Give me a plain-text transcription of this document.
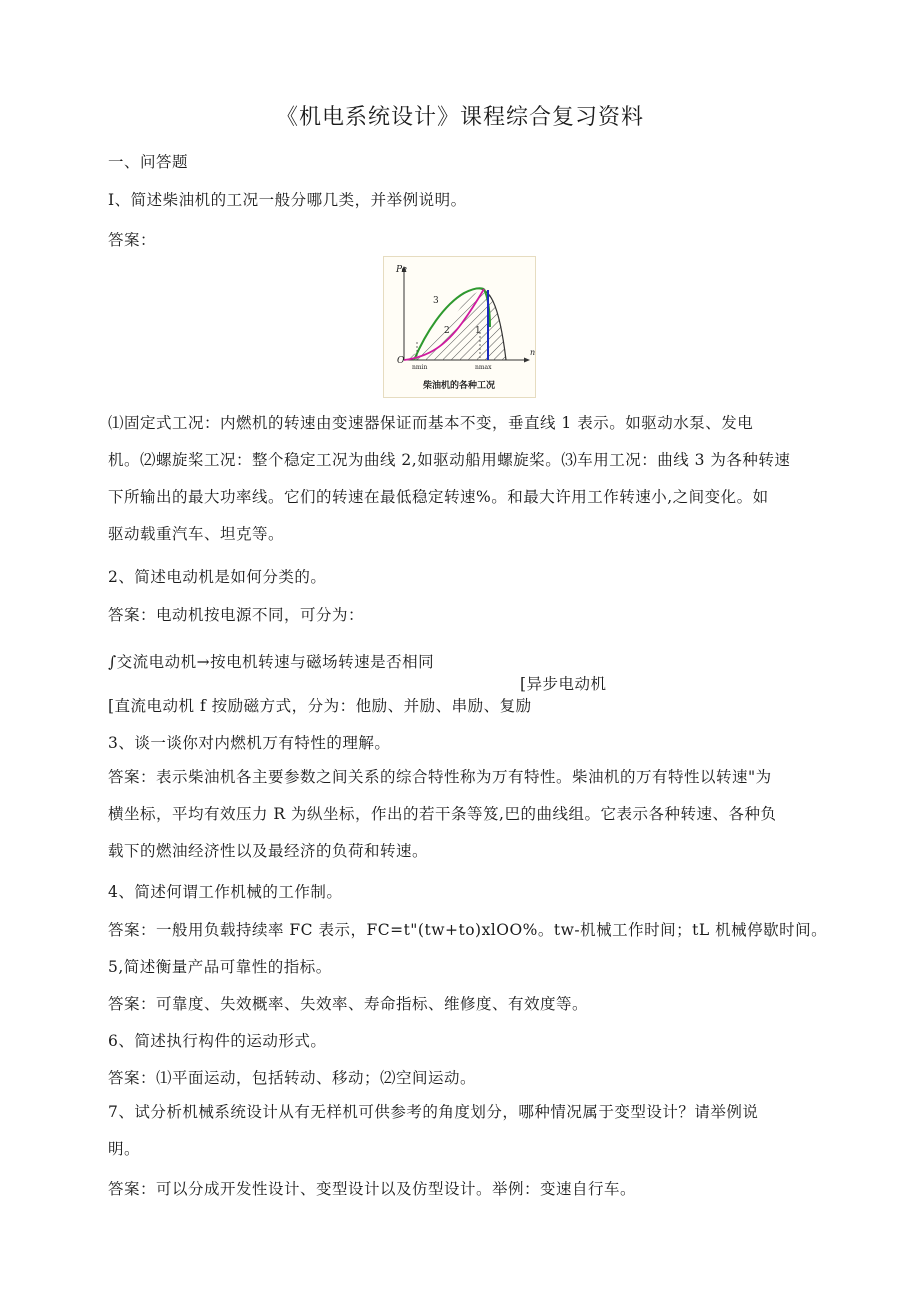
《机电系统设计》课程综合复习资料
一、问答题
I、简述柴油机的工况一般分哪几类，并举例说明。
答案：
Pe
n
O
1
2
3
nmin	nmax
柴油机的各种工况
⑴固定式工况：内燃机的转速由变速器保证而基本不变，垂直线 1 表示。如驱动水泵、发电
机。⑵螺旋桨工况：整个稳定工况为曲线 2,如驱动船用螺旋桨。⑶车用工况：曲线 3 为各种转速
下所输出的最大功率线。它们的转速在最低稳定转速%。和最大许用工作转速小,之间变化。如
驱动载重汽车、坦克等。
2、简述电动机是如何分类的。
答案：电动机按电源不同，可分为：
∫交流电动机→按电机转速与磁场转速是否相同
[异步电动机
[直流电动机 f 按励磁方式，分为：他励、并励、串励、复励
3、谈一谈你对内燃机万有特性的理解。
答案：表示柴油机各主要参数之间关系的综合特性称为万有特性。柴油机的万有特性以转速"为
横坐标，平均有效压力 R 为纵坐标，作出的若干条等笈,巴的曲线组。它表示各种转速、各种负
载下的燃油经济性以及最经济的负荷和转速。
4、简述何谓工作机械的工作制。
答案：一般用负载持续率 FC 表示，FC=t"(tw+to)xlOO%。tw-机械工作时间；tL 机械停歇时间。
5,简述衡量产品可靠性的指标。
答案：可靠度、失效概率、失效率、寿命指标、维修度、有效度等。
6、简述执行构件的运动形式。
答案：⑴平面运动，包括转动、移动；⑵空间运动。
7、试分析机械系统设计从有无样机可供参考的角度划分，哪种情况属于变型设计？请举例说
明。
答案：可以分成开发性设计、变型设计以及仿型设计。举例：变速自行车。
